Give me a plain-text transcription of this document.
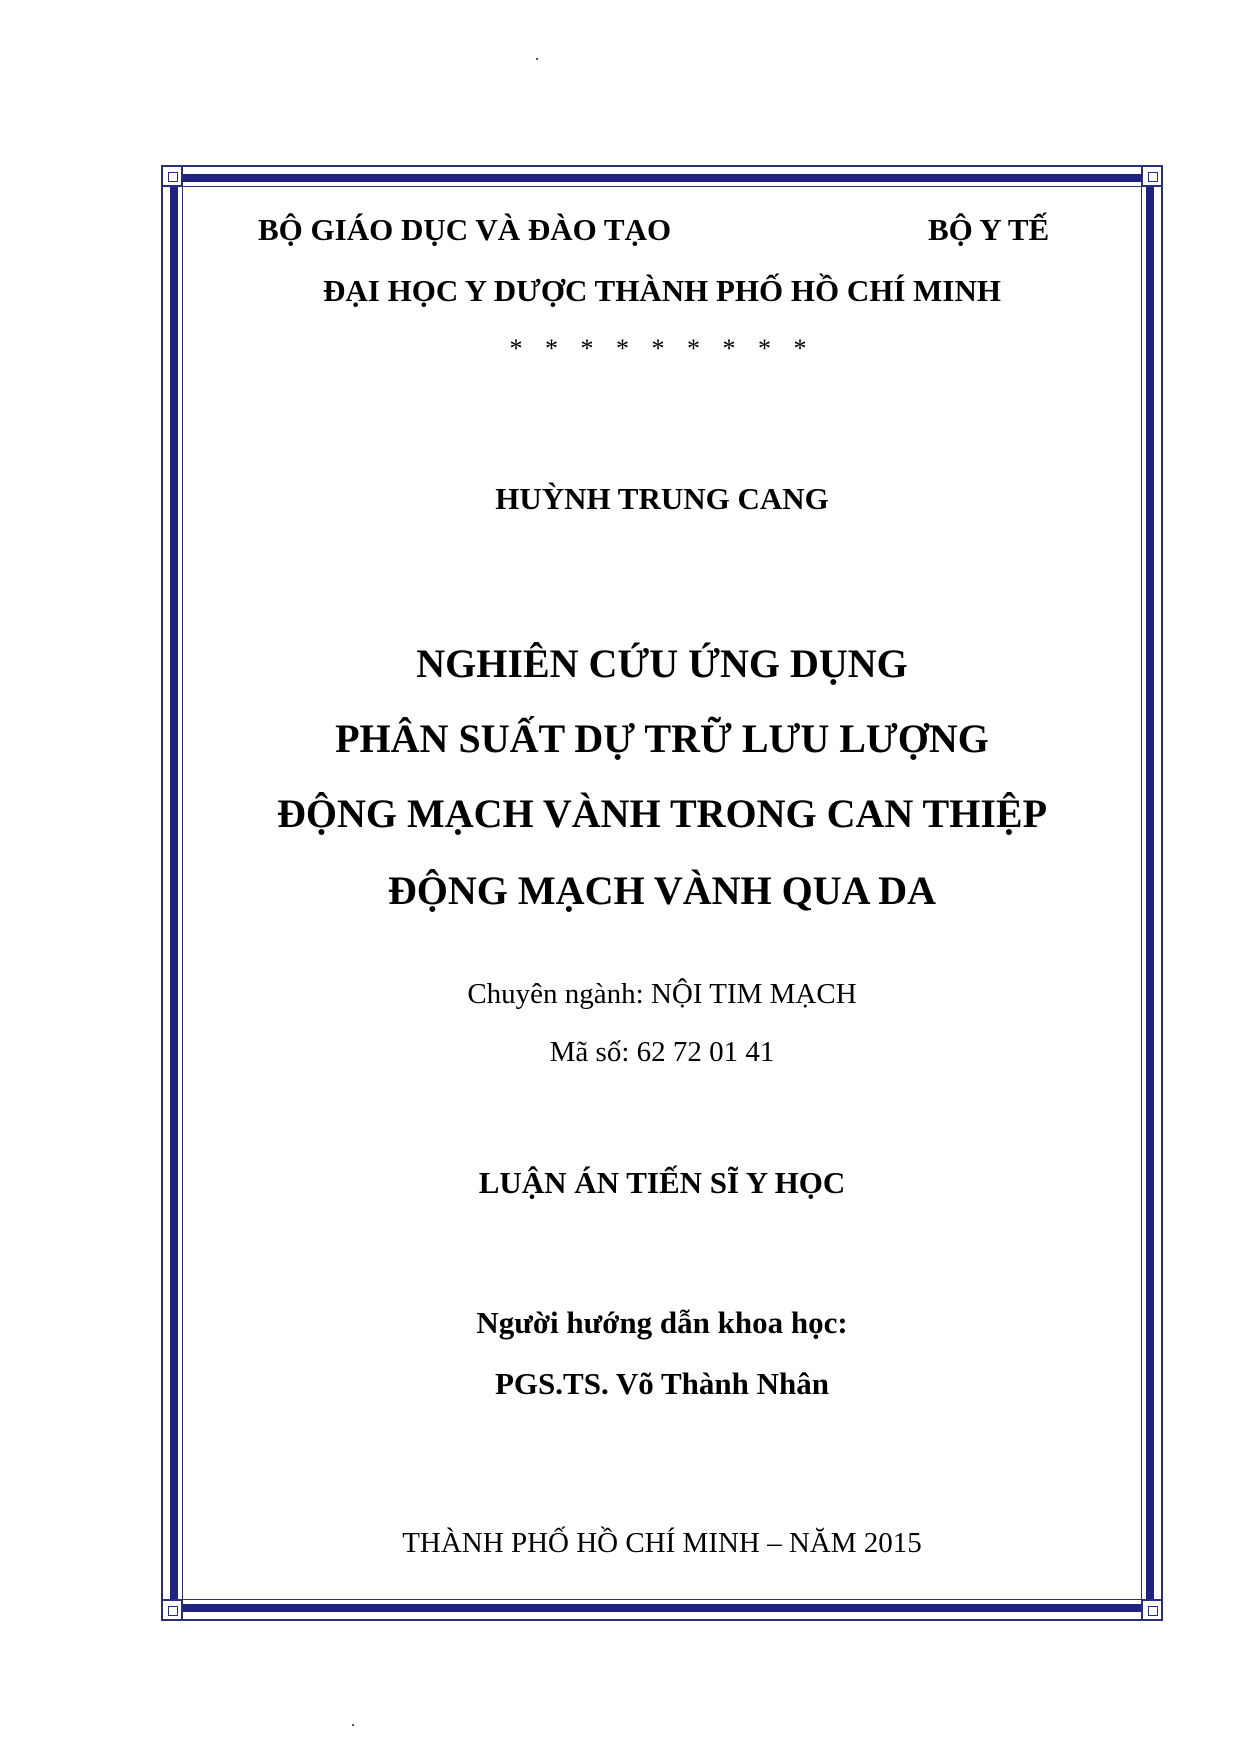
BỘ GIÁO DỤC VÀ ĐÀO TẠO	BỘ Y TẾ
ĐẠI HỌC Y DƯỢC THÀNH PHỐ HỒ CHÍ MINH
* * * * * * * * *
HUỲNH TRUNG CANG
NGHIÊN CỨU ỨNG DỤNG
PHÂN SUẤT DỰ TRỮ LƯU LƯỢNG
ĐỘNG MẠCH VÀNH TRONG CAN THIỆP
ĐỘNG MẠCH VÀNH QUA DA
Chuyên ngành: NỘI TIM MẠCH
Mã số: 62 72 01 41
LUẬN ÁN TIẾN SĨ Y HỌC
Người hướng dẫn khoa học:
PGS.TS. Võ Thành Nhân
THÀNH PHỐ HỒ CHÍ MINH – NĂM 2015
